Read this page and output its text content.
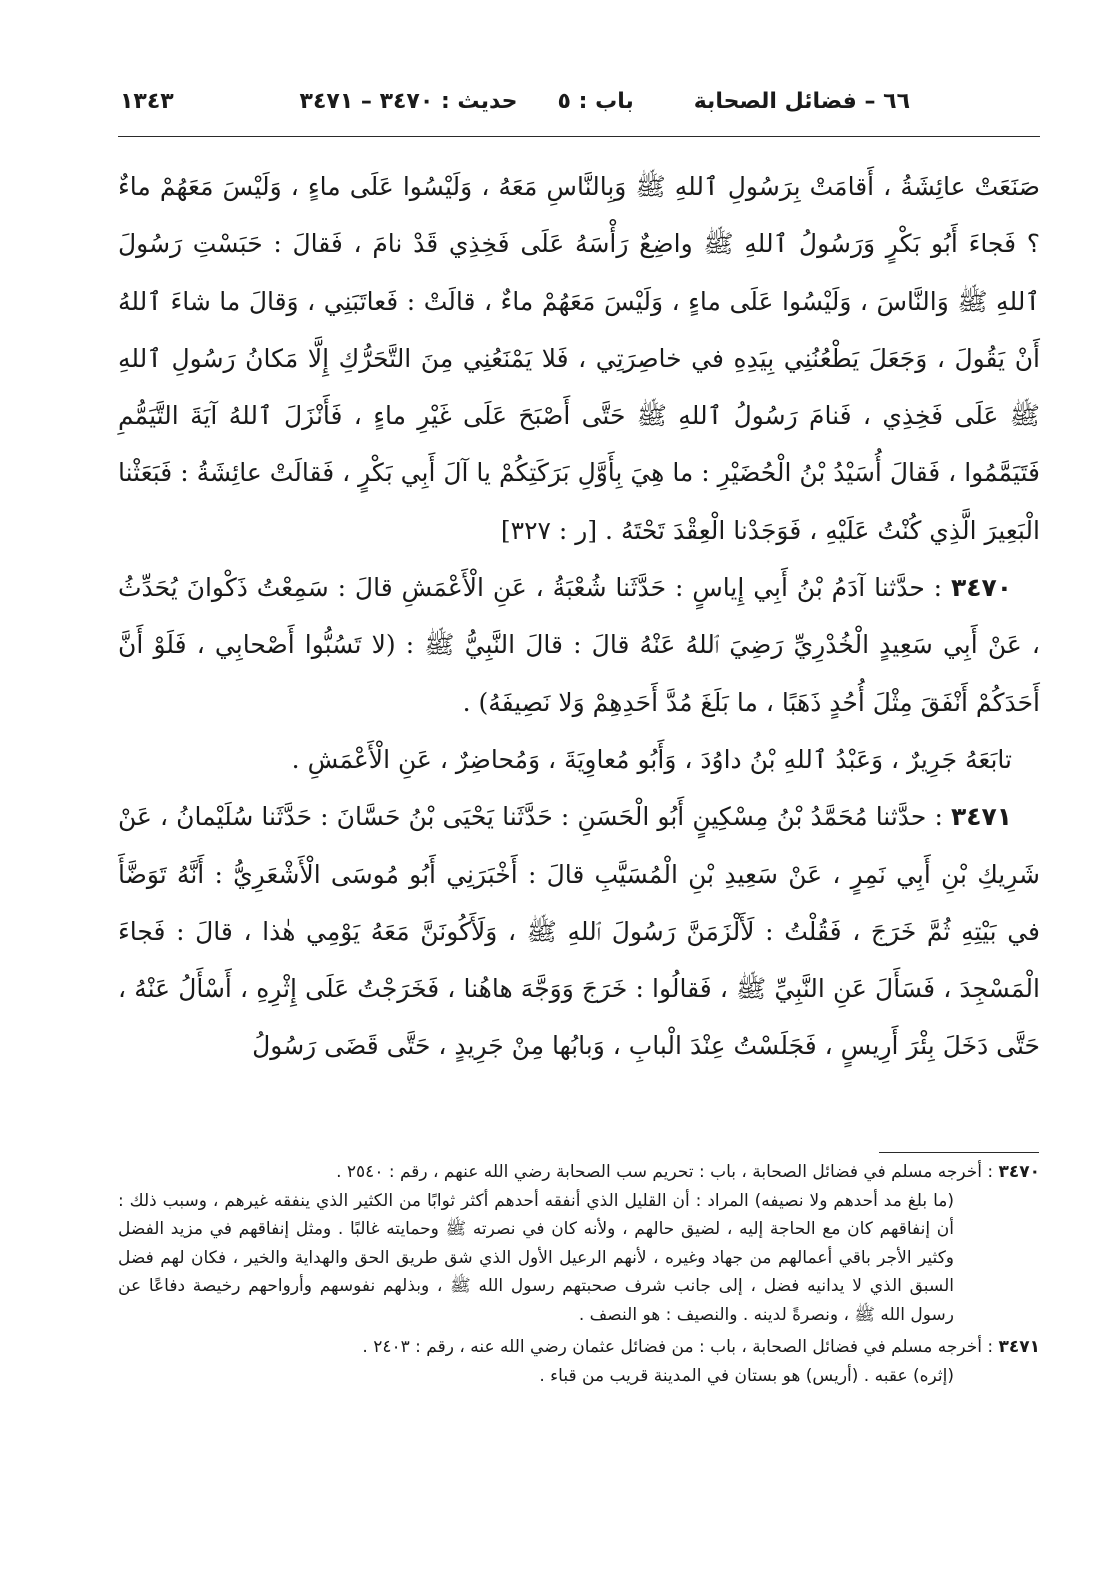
٦٦ – فضائل الصحابة
باب : ٥
حديث : ٣٤٧٠ – ٣٤٧١
١٣٤٣

صَنَعَتْ عائِشَةُ ، أَقامَتْ بِرَسُولِ ٱللهِ ﷺ وَبِالنَّاسِ مَعَهُ ، وَلَيْسُوا عَلَى ماءٍ ، وَلَيْسَ مَعَهُمْ ماءٌ ؟ فَجاءَ أَبُو بَكْرٍ وَرَسُولُ ٱللهِ ﷺ واضِعٌ رَأْسَهُ عَلَى فَخِذِي قَدْ نامَ ، فَقالَ : حَبَسْتِ رَسُولَ ٱللهِ ﷺ وَالنَّاسَ ، وَلَيْسُوا عَلَى ماءٍ ، وَلَيْسَ مَعَهُمْ ماءٌ ، قالَتْ : فَعاتَبَنِي ، وَقالَ ما شاءَ ٱللهُ أَنْ يَقُولَ ، وَجَعَلَ يَطْعُنُنِي بِيَدِهِ في خاصِرَتِي ، فَلا يَمْنَعُنِي مِنَ التَّحَرُّكِ إِلَّا مَكانُ رَسُولِ ٱللهِ ﷺ عَلَى فَخِذِي ، فَنامَ رَسُولُ ٱللهِ ﷺ حَتَّى أَصْبَحَ عَلَى غَيْرِ ماءٍ ، فَأَنْزَلَ ٱللهُ آيَةَ التَّيَمُّمِ فَتَيَمَّمُوا ، فَقالَ أُسَيْدُ بْنُ الْحُضَيْرِ : ما هِيَ بِأَوَّلِ بَرَكَتِكُمْ يا آلَ أَبِي بَكْرٍ ، فَقالَتْ عائِشَةُ : فَبَعَثْنا الْبَعِيرَ الَّذِي كُنْتُ عَلَيْهِ ، فَوَجَدْنا الْعِقْدَ تَحْتَهُ . [ر : ٣٢٧]

٣٤٧٠ : حدَّثنا آدَمُ بْنُ أَبِي إِياسٍ : حَدَّثَنا شُعْبَةُ ، عَنِ الْأَعْمَشِ قالَ : سَمِعْتُ ذَكْوانَ يُحَدِّثُ ، عَنْ أَبِي سَعِيدٍ الْخُدْرِيِّ رَضِيَ ٱللهُ عَنْهُ قالَ : قالَ النَّبِيُّ ﷺ : (لا تَسُبُّوا أَصْحابِي ، فَلَوْ أَنَّ أَحَدَكُمْ أَنْفَقَ مِثْلَ أُحُدٍ ذَهَبًا ، ما بَلَغَ مُدَّ أَحَدِهِمْ وَلا نَصِيفَهُ) .

تابَعَهُ جَرِيرٌ ، وَعَبْدُ ٱللهِ بْنُ داوُدَ ، وَأَبُو مُعاوِيَةَ ، وَمُحاضِرٌ ، عَنِ الْأَعْمَشِ .

٣٤٧١ : حدَّثنا مُحَمَّدُ بْنُ مِسْكِينٍ أَبُو الْحَسَنِ : حَدَّثَنا يَحْيَى بْنُ حَسَّانَ : حَدَّثَنا سُلَيْمانُ ، عَنْ شَرِيكِ بْنِ أَبِي نَمِرٍ ، عَنْ سَعِيدِ بْنِ الْمُسَيَّبِ قالَ : أَخْبَرَنِي أَبُو مُوسَى الْأَشْعَرِيُّ : أَنَّهُ تَوَضَّأَ في بَيْتِهِ ثُمَّ خَرَجَ ، فَقُلْتُ : لَأَلْزَمَنَّ رَسُولَ ٱللهِ ﷺ ، وَلَأَكُونَنَّ مَعَهُ يَوْمِي هٰذا ، قالَ : فَجاءَ الْمَسْجِدَ ، فَسَأَلَ عَنِ النَّبِيِّ ﷺ ، فَقالُوا : خَرَجَ وَوَجَّهَ هاهُنا ، فَخَرَجْتُ عَلَى إِثْرِهِ ، أَسْأَلُ عَنْهُ ، حَتَّى دَخَلَ بِئْرَ أَرِيسٍ ، فَجَلَسْتُ عِنْدَ الْبابِ ، وَبابُها مِنْ جَرِيدٍ ، حَتَّى قَضَى رَسُولُ

٣٤٧٠ : أخرجه مسلم في فضائل الصحابة ، باب : تحريم سب الصحابة رضي الله عنهم ، رقم : ٢٥٤٠ .

(ما بلغ مد أحدهم ولا نصيفه) المراد : أن القليل الذي أنفقه أحدهم أكثر ثوابًا من الكثير الذي ينفقه غيرهم ، وسبب ذلك : أن إنفاقهم كان مع الحاجة إليه ، لضيق حالهم ، ولأنه كان في نصرته ﷺ وحمايته غالبًا . ومثل إنفاقهم في مزيد الفضل وكثير الأجر باقي أعمالهم من جهاد وغيره ، لأنهم الرعيل الأول الذي شق طريق الحق والهداية والخير ، فكان لهم فضل السبق الذي لا يدانيه فضل ، إلى جانب شرف صحبتهم رسول الله ﷺ ، وبذلهم نفوسهم وأرواحهم رخيصة دفاعًا عن رسول الله ﷺ ، ونصرةً لدينه . والنصيف : هو النصف .

٣٤٧١ : أخرجه مسلم في فضائل الصحابة ، باب : من فضائل عثمان رضي الله عنه ، رقم : ٢٤٠٣ .

(إثره) عقبه . (أريس) هو بستان في المدينة قريب من قباء .
